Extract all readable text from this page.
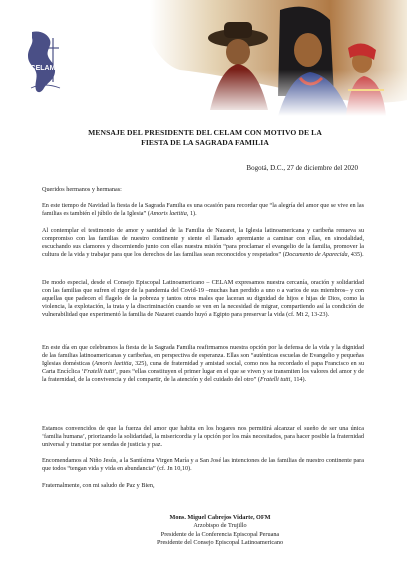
CELAM
MENSAJE DEL PRESIDENTE DEL CELAM CON MOTIVO DE LA
FIESTA DE LA SAGRADA FAMILIA
Bogotá, D.C., 27 de diciembre del 2020

Queridos hermanos y hermanas:

En este tiempo de Navidad la fiesta de la Sagrada Familia es una ocasión para recordar que “la alegría del amor que se vive en las familias es también el júbilo de la Iglesia” (Amoris laetitia, 1).

Al contemplar el testimonio de amor y santidad de la Familia de Nazaret, la Iglesia latinoamericana y caribeña renueva su compromiso con las familias de nuestro continente y siente el llamado apremiante a caminar con ellas, en sinodalidad, escuchando sus clamores y discerniendo junto con ellas nuestra misión “para proclamar el evangelio de la familia, promover la cultura de la vida y trabajar para que los derechos de las familias sean reconocidos y respetados” (Documento de Aparecida, 435).

De modo especial, desde el Consejo Episcopal Latinoamericano – CELAM expresamos nuestra cercanía, oración y solidaridad con las familias que sufren el rigor de la pandemia del Covid-19 –muchas han perdido a uno o a varios de sus miembros– y con aquellas que padecen el flagelo de la pobreza y tantos otros males que laceran su dignidad de hijos e hijas de Dios, como la violencia, la explotación, la trata y la discriminación cuando se ven en la necesidad de migrar, compartiendo así la condición de vulnerabilidad que experimentó la familia de Nazaret cuando huyó a Egipto para preservar la vida (cf. Mt 2, 13-23).

En este día en que celebramos la fiesta de la Sagrada Familia reafirmamos nuestra opción por la defensa de la vida y la dignidad de las familias latinoamericanas y caribeñas, en perspectiva de esperanza. Ellas son “auténticas escuelas de Evangelio y pequeñas Iglesias domésticas (Amoris laetitia, 325), cuna de fraternidad y amistad social, como nos ha recordado el papa Francisco en su Carta Encíclica ‘Fratelli tutti’, pues “ellas constituyen el primer lugar en el que se viven y se transmiten los valores del amor y de la fraternidad, de la convivencia y del compartir, de la atención y del cuidado del otro” (Fratelli tutti, 114).

Estamos convencidos de que la fuerza del amor que habita en los hogares nos permitirá alcanzar el sueño de ser una única ‘familia humana’, priorizando la solidaridad, la misericordia y la opción por los más necesitados, para hacer posible la fraternidad universal y transitar por sendas de justicia y paz.

Encomendamos al Niño Jesús, a la Santísima Virgen María y a San José las intenciones de las familias de nuestro continente para que todos “tengan vida y vida en abundancia” (cf. Jn 10,10).

Fraternalmente, con mi saludo de Paz y Bien,

Mons. Miguel Cabrejos Vidarte, OFM
Arzobispo de Trujillo
Presidente de la Conferencia Episcopal Peruana
Presidente del Consejo Episcopal Latinoamericano
